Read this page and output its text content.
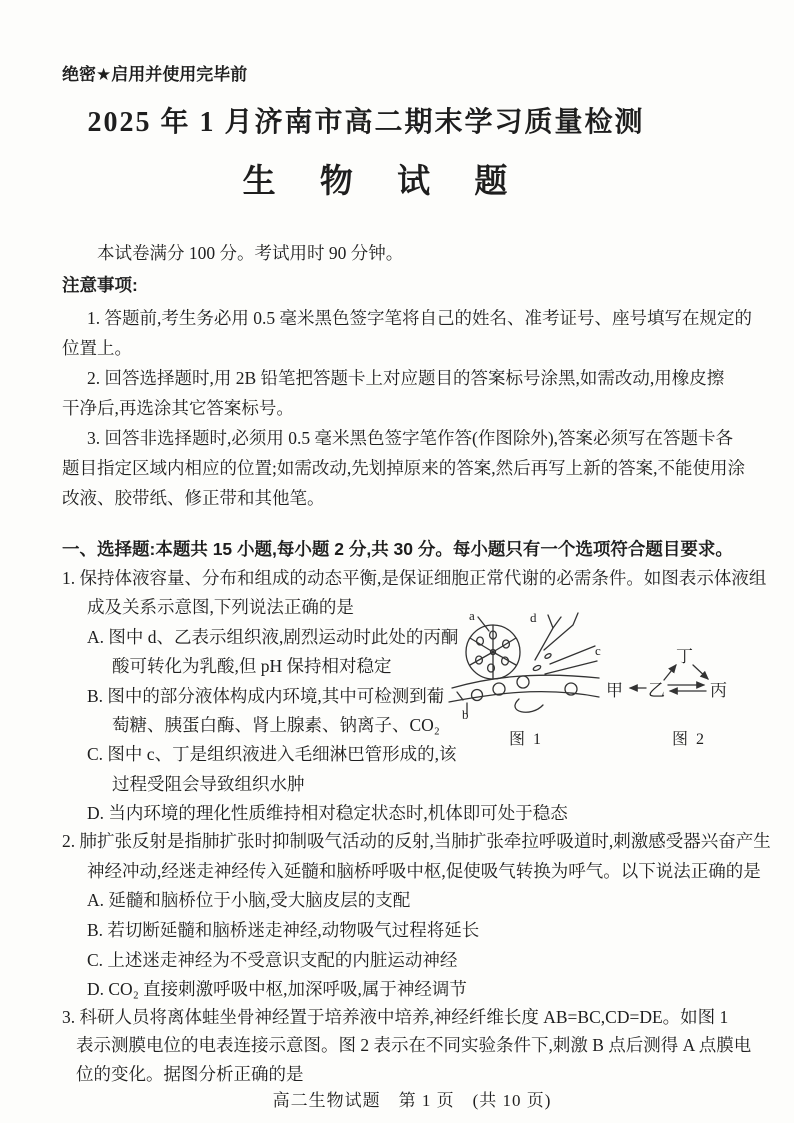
绝密★启用并使用完毕前
2025 年 1 月济南市高二期末学习质量检测
生 物 试 题
本试卷满分 100 分。考试用时 90 分钟。
注意事项:
1. 答题前,考生务必用 0.5 毫米黑色签字笔将自己的姓名、准考证号、座号填写在规定的
位置上。
2. 回答选择题时,用 2B 铅笔把答题卡上对应题目的答案标号涂黑,如需改动,用橡皮擦
干净后,再选涂其它答案标号。
3. 回答非选择题时,必须用 0.5 毫米黑色签字笔作答(作图除外),答案必须写在答题卡各
题目指定区域内相应的位置;如需改动,先划掉原来的答案,然后再写上新的答案,不能使用涂
改液、胶带纸、修正带和其他笔。
一、选择题:本题共 15 小题,每小题 2 分,共 30 分。每小题只有一个选项符合题目要求。
1. 保持体液容量、分布和组成的动态平衡,是保证细胞正常代谢的必需条件。如图表示体液组
成及关系示意图,下列说法正确的是
A. 图中 d、乙表示组织液,剧烈运动时此处的丙酮
酸可转化为乳酸,但 pH 保持相对稳定
B. 图中的部分液体构成内环境,其中可检测到葡
萄糖、胰蛋白酶、肾上腺素、钠离子、CO₂
C. 图中 c、丁是组织液进入毛细淋巴管形成的,该
过程受阻会导致组织水肿
D. 当内环境的理化性质维持相对稳定状态时,机体即可处于稳态
a
b
c
d
图 1
丁
甲 乙	丙
图 2
2. 肺扩张反射是指肺扩张时抑制吸气活动的反射,当肺扩张牵拉呼吸道时,刺激感受器兴奋产生
神经冲动,经迷走神经传入延髓和脑桥呼吸中枢,促使吸气转换为呼气。以下说法正确的是
A. 延髓和脑桥位于小脑,受大脑皮层的支配
B. 若切断延髓和脑桥迷走神经,动物吸气过程将延长
C. 上述迷走神经为不受意识支配的内脏运动神经
D. CO₂ 直接刺激呼吸中枢,加深呼吸,属于神经调节
3. 科研人员将离体蛙坐骨神经置于培养液中培养,神经纤维长度 AB=BC,CD=DE。如图 1
表示测膜电位的电表连接示意图。图 2 表示在不同实验条件下,刺激 B 点后测得 A 点膜电
位的变化。据图分析正确的是
高二生物试题　第 1 页　(共 10 页)
